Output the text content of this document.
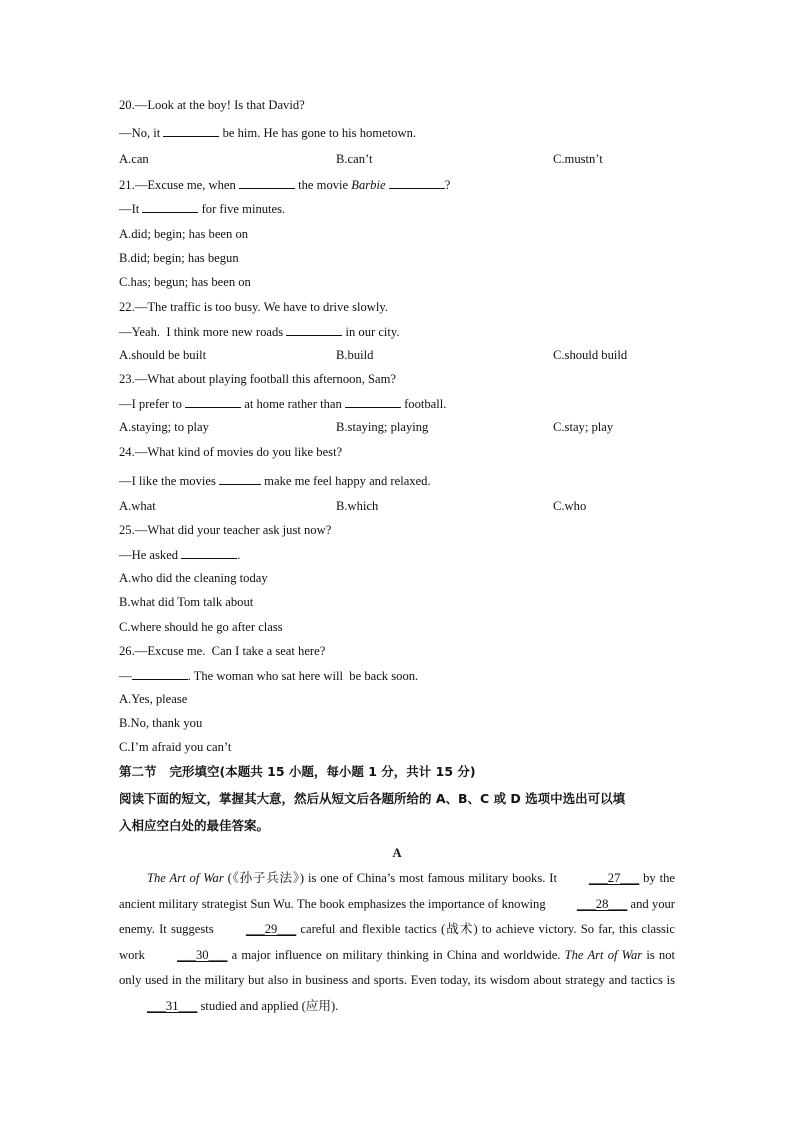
20.—Look at the boy! Is that David?
—No, it	be him. He has gone to his hometown.
A.can	B.can’t	C.mustn’t
21.—Excuse me, when	the movie Barbie	?
—It	for five minutes.
A.did; begin; has been on
B.did; begin; has begun
C.has; begun; has been on
22.—The traffic is too busy. We have to drive slowly.
—Yeah.  I think more new roads	in our city.
A.should be built	B.build	C.should build
23.—What about playing football this afternoon, Sam?
—I prefer to	at home rather than	football.
A.staying; to play	B.staying; playing	C.stay; play
24.—What kind of movies do you like best?
—I like the movies	make me feel happy and relaxed.
A.what	B.which	C.who
25.—What did your teacher ask just now?
—He asked	.
A.who did the cleaning today
B.what did Tom talk about
C.where should he go after class
26.—Excuse me.  Can I take a seat here?
—	. The woman who sat here will  be back soon.
A.Yes, please
B.No, thank you
C.I’m afraid you can’t
第二节   完形填空(本题共 15 小题，每小题 1 分，共计 15 分)
阅读下面的短文，掌握其大意，然后从短文后各题所给的 A、B、C 或 D 选项中选出可以填
入相应空白处的最佳答案。
A
The Art of War (《孙子兵法》) is one of China’s most famous military books. It ___27___ by the ancient military strategist Sun Wu. The book emphasizes the importance of knowing ___28___ and your enemy. It suggests ___29___ careful and flexible tactics (战术) to achieve victory. So far, this classic work ___30___ a major influence on military thinking in China and worldwide. The Art of War is not only used in the military but also in business and sports. Even today, its wisdom about strategy and tactics is ___31___ studied and applied (应用).
